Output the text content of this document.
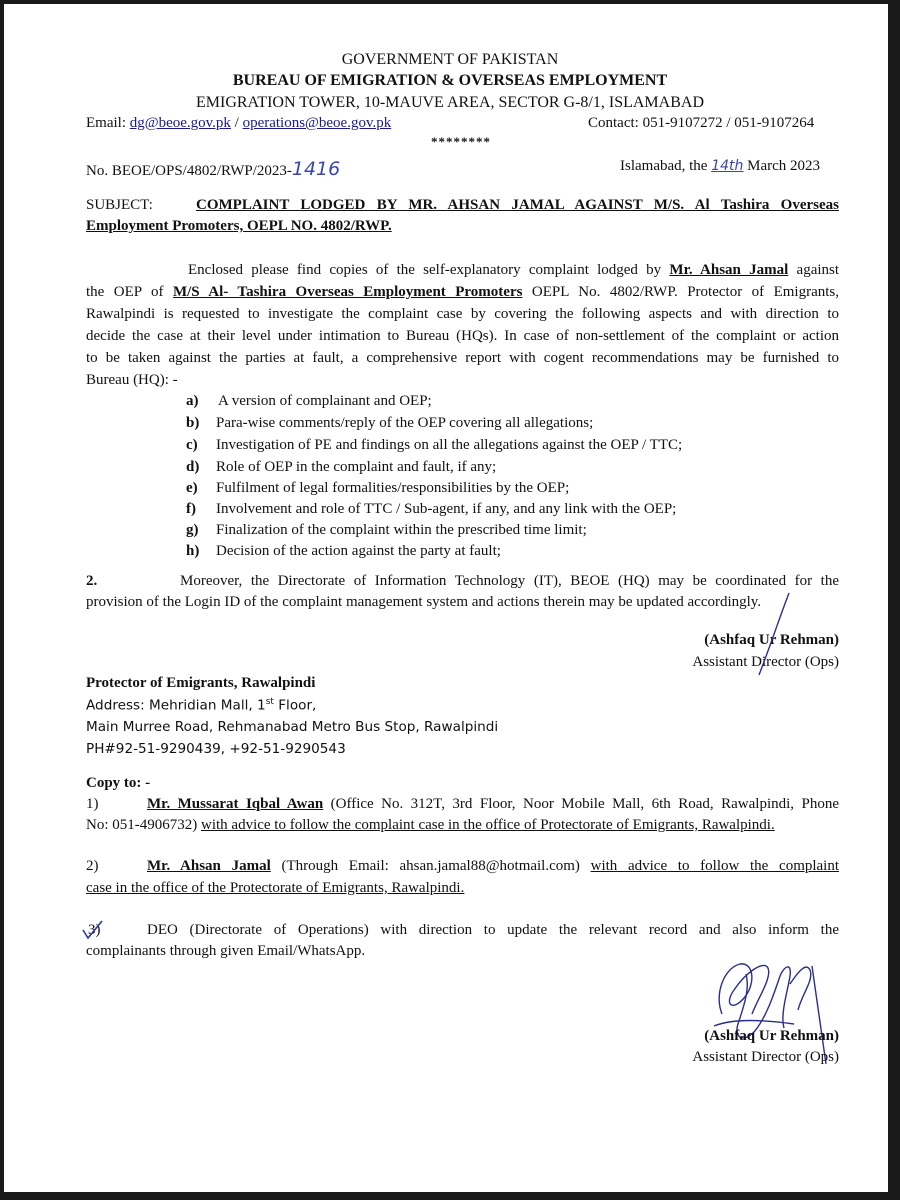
GOVERNMENT OF PAKISTAN
BUREAU OF EMIGRATION & OVERSEAS EMPLOYMENT
EMIGRATION TOWER, 10-MAUVE AREA, SECTOR G-8/1, ISLAMABAD
Email: dg@beoe.gov.pk / operations@beoe.gov.pk	Contact: 051-9107272 / 051-9107264
********
No. BEOE/OPS/4802/RWP/2023-1416	Islamabad, the 14th March 2023
SUBJECT:	COMPLAINT LODGED BY MR. AHSAN JAMAL AGAINST M/S. Al Tashira Overseas
Employment Promoters, OEPL NO. 4802/RWP.
Enclosed please find copies of the self-explanatory complaint lodged by Mr. Ahsan Jamal against
the OEP of M/S Al- Tashira Overseas Employment Promoters OEPL No. 4802/RWP. Protector of Emigrants,
Rawalpindi is requested to investigate the complaint case by covering the following aspects and with direction to
decide the case at their level under intimation to Bureau (HQs). In case of non-settlement of the complaint or action
to be taken against the parties at fault, a comprehensive report with cogent recommendations may be furnished to
Bureau (HQ): -
a) A version of complainant and OEP;
b) Para-wise comments/reply of the OEP covering all allegations;
c) Investigation of PE and findings on all the allegations against the OEP / TTC;
d) Role of OEP in the complaint and fault, if any;
e) Fulfilment of legal formalities/responsibilities by the OEP;
f) Involvement and role of TTC / Sub-agent, if any, and any link with the OEP;
g) Finalization of the complaint within the prescribed time limit;
h) Decision of the action against the party at fault;
2.	Moreover, the Directorate of Information Technology (IT), BEOE (HQ) may be coordinated for the
provision of the Login ID of the complaint management system and actions therein may be updated accordingly.
(Ashfaq Ur Rehman)
Assistant Director (Ops)
Protector of Emigrants, Rawalpindi
Address: Mehridian Mall, 1st Floor,
Main Murree Road, Rehmanabad Metro Bus Stop, Rawalpindi
PH#92-51-9290439, +92-51-9290543
Copy to: -
1)	Mr. Mussarat Iqbal Awan (Office No. 312T, 3rd Floor, Noor Mobile Mall, 6th Road, Rawalpindi, Phone
No: 051-4906732) with advice to follow the complaint case in the office of Protectorate of Emigrants, Rawalpindi.
2)	Mr. Ahsan Jamal (Through Email: ahsan.jamal88@hotmail.com) with advice to follow the complaint
case in the office of the Protectorate of Emigrants, Rawalpindi.
3)	DEO (Directorate of Operations) with direction to update the relevant record and also inform the
complainants through given Email/WhatsApp.
(Ashfaq Ur Rehman)
Assistant Director (Ops)
